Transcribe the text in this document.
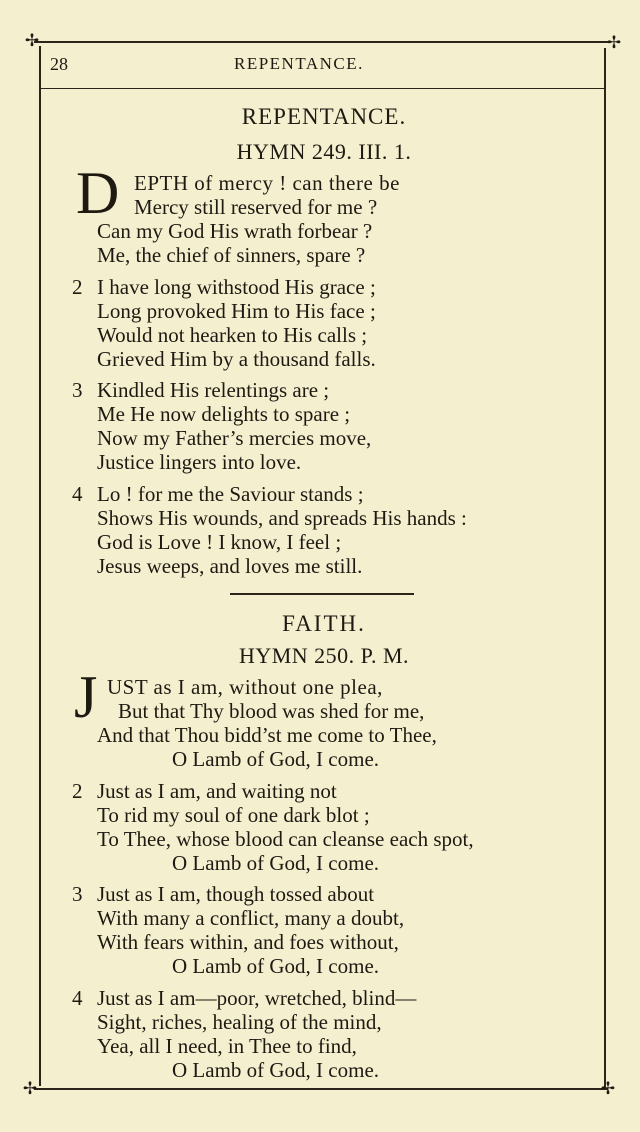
✢	✢
✢	✢
28	REPENTANCE.
REPENTANCE.
HYMN 249. III. 1.
D EPTH of mercy ! can there be
Mercy still reserved for me ?
Can my God His wrath forbear ?
Me, the chief of sinners, spare ?
2 I have long withstood His grace ;
Long provoked Him to His face ;
Would not hearken to His calls ;
Grieved Him by a thousand falls.
3 Kindled His relentings are ;
Me He now delights to spare ;
Now my Father’s mercies move,
Justice lingers into love.
4 Lo ! for me the Saviour stands ;
Shows His wounds, and spreads His hands :
God is Love ! I know, I feel ;
Jesus weeps, and loves me still.
FAITH.
HYMN 250. P. M.
J UST as I am, without one plea,
But that Thy blood was shed for me,
And that Thou bidd’st me come to Thee,
O Lamb of God, I come.
2 Just as I am, and waiting not
To rid my soul of one dark blot ;
To Thee, whose blood can cleanse each spot,
O Lamb of God, I come.
3 Just as I am, though tossed about
With many a conflict, many a doubt,
With fears within, and foes without,
O Lamb of God, I come.
4 Just as I am—poor, wretched, blind—
Sight, riches, healing of the mind,
Yea, all I need, in Thee to find,
O Lamb of God, I come.
